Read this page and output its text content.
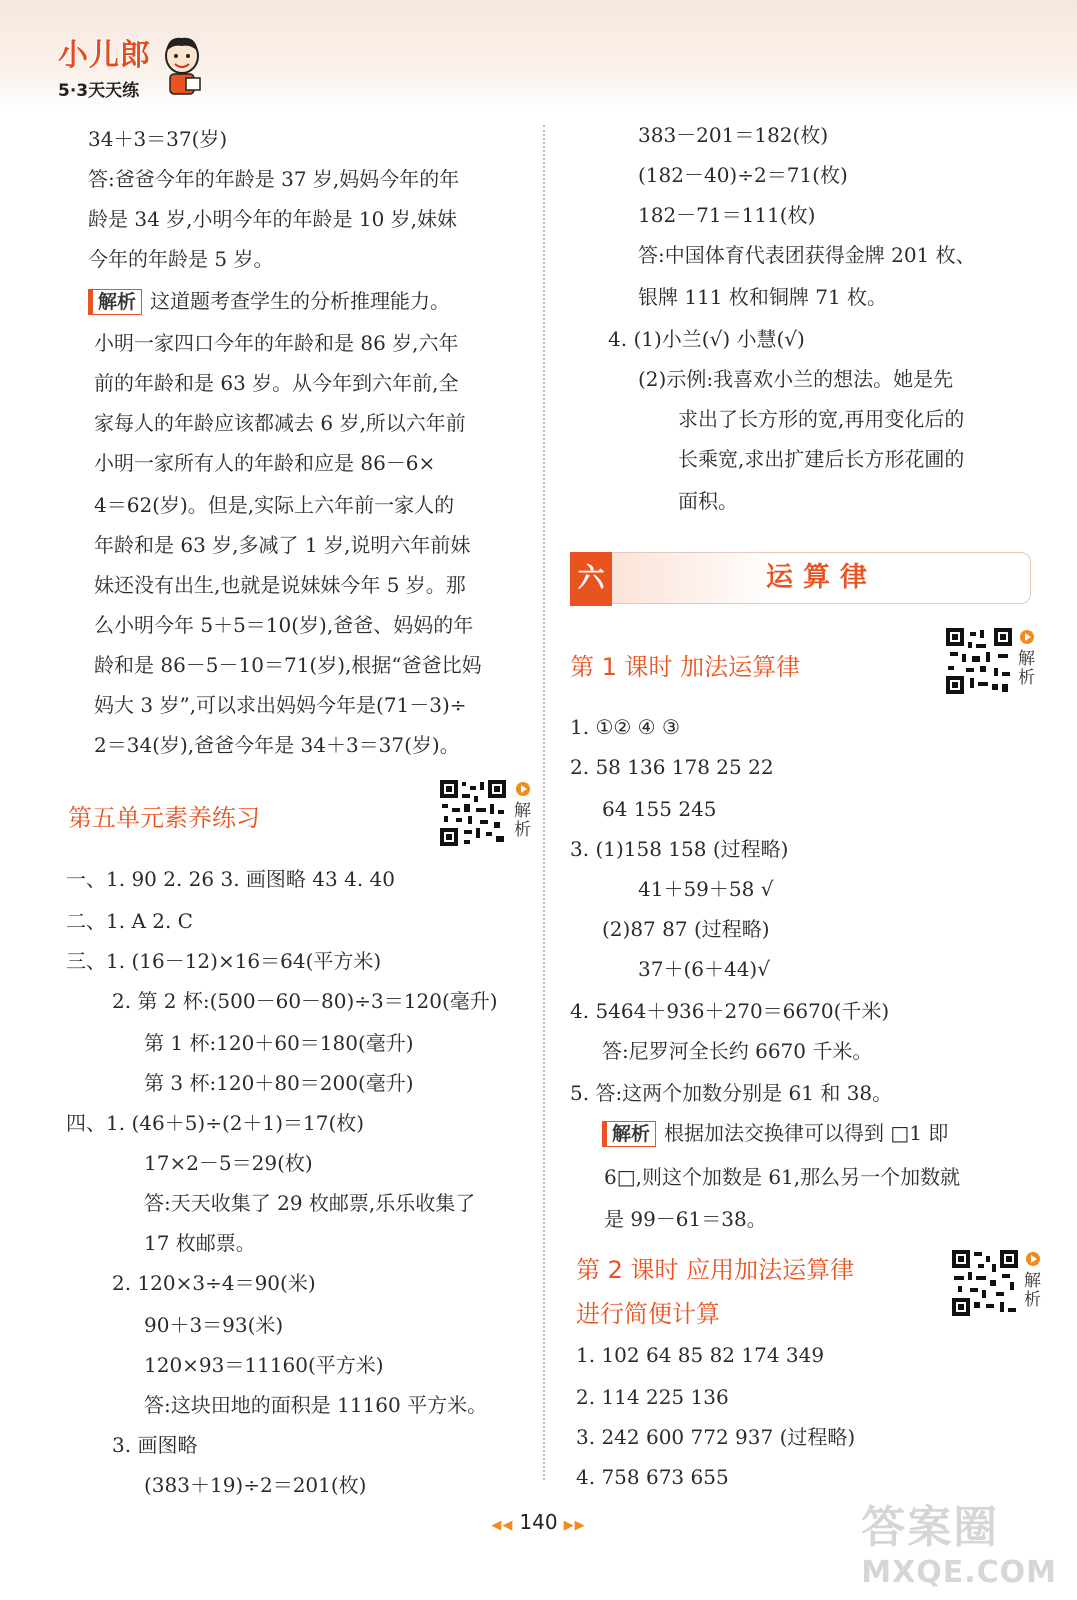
小儿郎
5·3天天练
34＋3＝37(岁)
答:爸爸今年的年龄是 37 岁,妈妈今年的年
龄是 34 岁,小明今年的年龄是 10 岁,妹妹
今年的年龄是 5 岁。
解析 这道题考查学生的分析推理能力。
小明一家四口今年的年龄和是 86 岁,六年
前的年龄和是 63 岁。从今年到六年前,全
家每人的年龄应该都减去 6 岁,所以六年前
小明一家所有人的年龄和应是 86－6×
4＝62(岁)。但是,实际上六年前一家人的
年龄和是 63 岁,多减了 1 岁,说明六年前妹
妹还没有出生,也就是说妹妹今年 5 岁。那
么小明今年 5＋5＝10(岁),爸爸、妈妈的年
龄和是 86－5－10＝71(岁),根据“爸爸比妈
妈大 3 岁”,可以求出妈妈今年是(71－3)÷
2＝34(岁),爸爸今年是 34＋3＝37(岁)。
第五单元素养练习	解析
一、1. 90 2. 26 3. 画图略 43 4. 40
二、1. A 2. C
三、1. (16－12)×16＝64(平方米)
2. 第 2 杯:(500－60－80)÷3＝120(毫升)
第 1 杯:120＋60＝180(毫升)
第 3 杯:120＋80＝200(毫升)
四、1. (46＋5)÷(2＋1)＝17(枚)
17×2－5＝29(枚)
答:天天收集了 29 枚邮票,乐乐收集了
17 枚邮票。
2. 120×3÷4＝90(米)
90＋3＝93(米)
120×93＝11160(平方米)
答:这块田地的面积是 11160 平方米。
3. 画图略
(383＋19)÷2＝201(枚)
383－201＝182(枚)
(182－40)÷2＝71(枚)
182－71＝111(枚)
答:中国体育代表团获得金牌 201 枚、
银牌 111 枚和铜牌 71 枚。
4. (1)小兰(√) 小慧(√)
(2)示例:我喜欢小兰的想法。她是先
求出了长方形的宽,再用变化后的
长乘宽,求出扩建后长方形花圃的
面积。
六	运算律
第 1 课时 加法运算律	解析
1. ①② ④ ③
2. 58 136 178 25 22
64 155 245
3. (1)158 158 (过程略)
41＋59＋58 √
(2)87 87 (过程略)
37＋(6＋44)√
4. 5464＋936＋270＝6670(千米)
答:尼罗河全长约 6670 千米。
5. 答:这两个加数分别是 61 和 38。
解析 根据加法交换律可以得到 □1 即
6□,则这个加数是 61,那么另一个加数就
是 99－61＝38。
第 2 课时 应用加法运算律
进行简便计算
解析
1. 102 64 85 82 174 349
2. 114 225 136
3. 242 600 772 937 (过程略)
4. 758 673 655
◀◀ 140 ▶▶	答案圈
MXQE.COM
